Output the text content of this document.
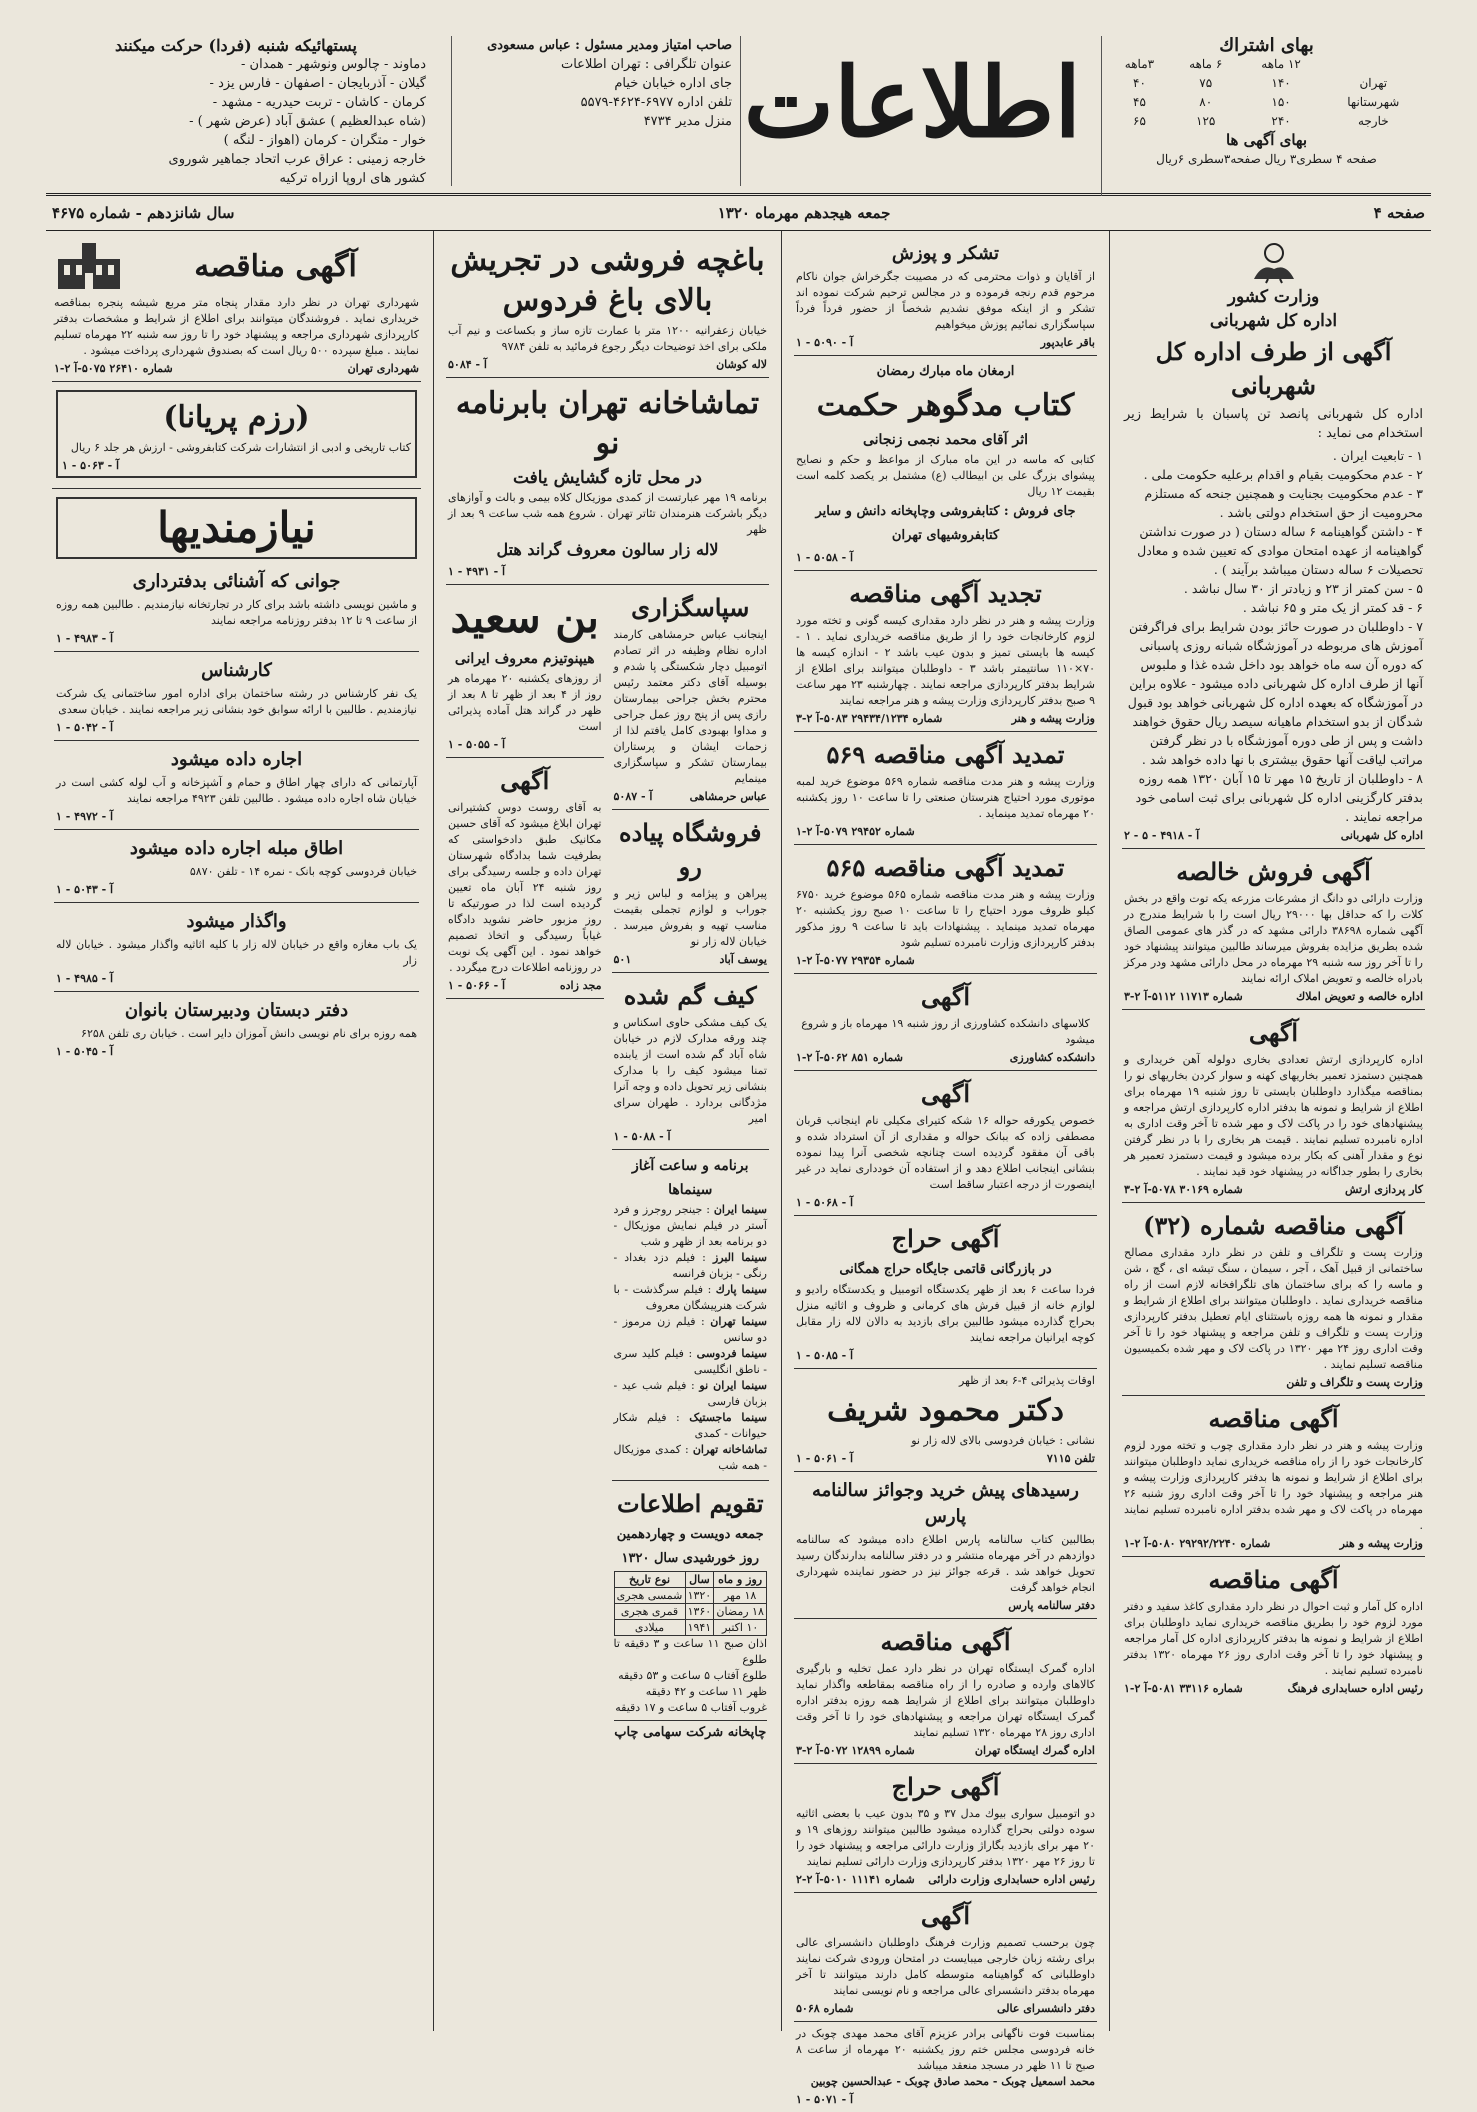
بهای اشتراك
	۱۲ ماهه	۶ ماهه	۳ماهه
تهران	۱۴۰	۷۵	۴۰
شهرستانها	۱۵۰	۸۰	۴۵
خارجه	۲۴۰	۱۲۵	۶۵
بهای آگهی ها
صفحه ۴ سطری۳ ریال صفحه۳سطری ۶ریال
اطلاعات
صاحب امتیاز ومدیر مسئول : عباس مسعودی
عنوان تلگرافی : تهران اطلاعات
جای اداره خیابان خیام
تلفن اداره ۶۹۷۷-۴۶۲۴-۵۵۷۹
منزل مدیر ۴۷۳۴
پستهائیکه شنبه (فردا) حرکت میکنند
دماوند - چالوس ونوشهر - همدان -
گیلان - آذربایجان - اصفهان - فارس یزد -
کرمان - کاشان - تربت حیدریه - مشهد -
(شاه عبدالعظیم ) عشق آباد (عرض شهر ) -
خوار - متگران - کرمان (اهواز - لنگه )
خارجه زمینی : عراق عرب اتحاد جماهیر شوروی
کشور های اروپا ازراه ترکیه
صفحه ۴
جمعه هیجدهم مهرماه ۱۳۲۰
سال شانزدهم - شماره ۴۶۷۵
وزارت کشور
اداره کل شهربانی
آگهی از طرف اداره کل شهربانی
اداره کل شهربانی پانصد تن پاسبان با شرایط زیر استخدام می نماید :
۱ - تابعیت ایران .
۲ - عدم محکومیت بقیام و اقدام برعلیه حکومت ملی .
۳ - عدم محکومیت بجنایت و همچنین جنحه که مستلزم محرومیت از حق استخدام دولتی باشد .
۴ - داشتن گواهینامه ۶ ساله دستان ( در صورت نداشتن گواهینامه از عهده امتحان موادی که تعیین شده و معادل تحصیلات ۶ ساله دستان میباشد برآیند ) .
۵ - سن کمتر از ۲۳ و زیادتر از ۳۰ سال نباشد .
۶ - قد کمتر از یک متر و ۶۵ نباشد .
۷ - داوطلبان در صورت حائز بودن شرایط برای فراگرفتن آموزش های مربوطه در آموزشگاه شبانه روزی پاسبانی که دوره آن سه ماه خواهد بود داخل شده غذا و ملبوس آنها از طرف اداره کل شهربانی داده میشود - علاوه براین در آموزشگاه که بعهده اداره کل شهربانی خواهد بود قبول شدگان از بدو استخدام ماهیانه سیصد ریال حقوق خواهند داشت و پس از طی دوره آموزشگاه با در نظر گرفتن مراتب لیاقت آنها حقوق بیشتری با نها داده خواهد شد .
۸ - داوطلبان از تاریخ ۱۵ مهر تا ۱۵ آبان ۱۳۲۰ همه روزه بدفتر کارگزینی اداره کل شهربانی برای ثبت اسامی خود مراجعه نمایند .
اداره کل شهربانی
آ - ۴۹۱۸ - ۵ - ۲
آگهی فروش خالصه
وزارت دارائی دو دانگ از مشرعات مزرعه یکه توت واقع در بخش کلات را که حداقل بها ۲۹۰۰۰ ریال است را با شرایط مندرج در آگهی شماره ۳۸۶۹۸ دارائی مشهد که در گذر های عمومی الصاق شده بطریق مزایده بفروش میرساند طالبین میتوانند پیشنهاد خود را تا آخر روز سه شنبه ۲۹ مهرماه در محل دارائی مشهد ودر مرکز بادراه خالصه و تعویض املاک ارائه نمایند
اداره خالصه و تعویض املاك
شماره ۱۱۷۱۳ ۵۱۱۲-آ ۲-۳
آگهی
اداره کارپردازی ارتش تعدادی بخاری دولوله آهن خریداری و همچنین دستمزد تعمیر بخاریهای کهنه و سوار کردن بخاریهای نو را بمناقصه میگذارد داوطلبان بایستی تا روز شنبه ۱۹ مهرماه برای اطلاع از شرایط و نمونه ها بدفتر اداره کارپردازی ارتش مراجعه و پیشنهادهای خود را در پاکت لاک و مهر شده تا آخر وقت اداری به اداره نامبرده تسلیم نمایند . قیمت هر بخاری را با در نظر گرفتن نوع و مقدار آهنی که بکار برده میشود و قیمت دستمزد تعمیر هر بخاری را بطور جداگانه در پیشنهاد خود قید نمایند .
کار پردازی ارتش
شماره ۳۰۱۶۹ ۵۰۷۸-آ ۲-۳
آگهی مناقصه شماره (۳۲)
وزارت پست و تلگراف و تلفن در نظر دارد مقداری مصالح ساختمانی از قبیل آهک ، آجر ، سیمان ، سنگ تیشه ای ، گچ ، شن و ماسه را که برای ساختمان های تلگرافخانه لازم است از راه مناقصه خریداری نماید . داوطلبان میتوانند برای اطلاع از شرایط و مقدار و نمونه ها همه روزه باستثنای ایام تعطیل بدفتر کارپردازی وزارت پست و تلگراف و تلفن مراجعه و پیشنهاد خود را تا آخر وقت اداری روز ۲۴ مهر ۱۳۲۰ در پاکت لاک و مهر شده بکمیسیون مناقصه تسلیم نمایند .
وزارت پست و تلگراف و تلفن
آگهی مناقصه
وزارت پیشه و هنر در نظر دارد مقداری چوب و تخته مورد لزوم کارخانجات خود را از راه مناقصه خریداری نماید داوطلبان میتوانند برای اطلاع از شرایط و نمونه ها بدفتر کارپردازی وزارت پیشه و هنر مراجعه و پیشنهاد خود را تا آخر وقت اداری روز شنبه ۲۶ مهرماه در پاکت لاک و مهر شده بدفتر اداره نامبرده تسلیم نمایند .
وزارت پیشه و هنر
شماره ۲۹۲۹۲/۲۲۴۰ ۵۰۸۰-آ ۲-۱
آگهی مناقصه
اداره کل آمار و ثبت احوال در نظر دارد مقداری کاغذ سفید و دفتر مورد لزوم خود را بطریق مناقصه خریداری نماید داوطلبان برای اطلاع از شرایط و نمونه ها بدفتر کارپردازی اداره کل آمار مراجعه و پیشنهاد خود را تا آخر وقت اداری روز ۲۶ مهرماه ۱۳۲۰ بدفتر نامبرده تسلیم نمایند .
رئیس اداره حسابداری فرهنگ
شماره ۳۳۱۱۶ ۵۰۸۱-آ ۲-۱
تشکر و پوزش
از آقایان و ذوات محترمی که در مصیبت جگرخراش جوان ناکام مرحوم قدم رنجه فرموده و در مجالس ترحیم شرکت نموده اند تشکر و از اینکه موفق نشدیم شخصاً از حضور فرداً فرداً سپاسگزاری نمائیم پوزش میخواهیم
باقر عابدپور
آ - ۵۰۹۰ - ۱
ارمغان ماه مبارك رمضان
کتاب مدگوهر حکمت
اثر آقای محمد نجمی زنجانی
کتابی که ماسه در این ماه مبارک از مواعظ و حکم و نصایح پیشوای بزرگ علی بن ابیطالب (ع) مشتمل بر یکصد کلمه است بقیمت ۱۲ ریال
جای فروش : کتابفروشی وچاپخانه دانش و سایر کتابفروشیهای تهران
آ - ۵۰۵۸ - ۱
تجدید آگهی مناقصه
وزارت پیشه و هنر در نظر دارد مقداری کیسه گونی و تخته مورد لزوم کارخانجات خود را از طریق مناقصه خریداری نماید . ۱ - کیسه ها بایستی تمیز و بدون عیب باشد ۲ - اندازه کیسه ها ۷۰×۱۱۰ سانتیمتر باشد ۳ - داوطلبان میتوانند برای اطلاع از شرایط بدفتر کارپردازی مراجعه نمایند . چهارشنبه ۲۳ مهر ساعت ۹ صبح بدفتر کارپردازی وزارت پیشه و هنر مراجعه نمایند
وزارت پیشه و هنر
شماره ۲۹۴۳۴/۱۲۳۴ ۵۰۸۳-آ ۲-۳
تمدید آگهی مناقصه ۵۶۹
وزارت پیشه و هنر مدت مناقصه شماره ۵۶۹ موضوع خرید لمبه موتوری مورد احتیاج هنرستان صنعتی را تا ساعت ۱۰ روز یکشنبه ۲۰ مهرماه تمدید مینماید .
شماره ۲۹۴۵۲ ۵۰۷۹-آ ۲-۱
تمدید آگهی مناقصه ۵۶۵
وزارت پیشه و هنر مدت مناقصه شماره ۵۶۵ موضوع خرید ۶۷۵۰ کیلو ظروف مورد احتیاج را تا ساعت ۱۰ صبح روز یکشنبه ۲۰ مهرماه تمدید مینماید . پیشنهادات باید تا ساعت ۹ روز مذکور بدفتر کارپردازی وزارت نامبرده تسلیم شود
شماره ۲۹۳۵۴ ۵۰۷۷-آ ۲-۱
آگهی
کلاسهای دانشکده کشاورزی از روز شنبه ۱۹ مهرماه باز و شروع میشود
دانشکده کشاورزی
شماره ۸۵۱ ۵۰۶۲-آ ۲-۱
آگهی
خصوص یکورقه حواله ۱۶ شکه کتیرای مکیلی نام اینجانب قربان مصطفی زاده که ببانک حواله و مقداری از آن استرداد شده و باقی آن مفقود گردیده است چنانچه شخصی آنرا پیدا نموده بنشانی اینجانب اطلاع دهد و از استفاده آن خودداری نماید در غیر اینصورت از درجه اعتبار ساقط است
آ - ۵۰۶۸ - ۱
آگهی حراج
در بازرگانی قاتمی جایگاه حراج همگانی
فردا ساعت ۶ بعد از ظهر یکدستگاه اتومبیل و یکدستگاه رادیو و لوازم خانه از قبیل فرش های کرمانی و ظروف و اثاثیه منزل بحراج گذارده میشود طالبین برای بازدید به دالان لاله زار مقابل کوچه ایرانیان مراجعه نمایند
آ - ۵۰۸۵ - ۱
اوقات پذیرائی ۴-۶ بعد از ظهر
دکتر محمود شریف
نشانی : خیابان فردوسی بالای لاله زار نو
تلفن ۷۱۱۵
آ - ۵۰۶۱ - ۱
رسیدهای پیش خرید وجوائز سالنامه پارس
بطالبین کتاب سالنامه پارس اطلاع داده میشود که سالنامه دوازدهم در آخر مهرماه منتشر و در دفتر سالنامه بدارندگان رسید تحویل خواهد شد . قرعه جوائز نیز در حضور نماینده شهرداری انجام خواهد گرفت
دفتر سالنامه پارس
آگهی مناقصه
اداره گمرک ایستگاه تهران در نظر دارد عمل تخلیه و بارگیری کالاهای وارده و صادره را از راه مناقصه بمقاطعه واگذار نماید داوطلبان میتوانند برای اطلاع از شرایط همه روزه بدفتر اداره گمرک ایستگاه تهران مراجعه و پیشنهادهای خود را تا آخر وقت اداری روز ۲۸ مهرماه ۱۳۲۰ تسلیم نمایند
اداره گمرك ایستگاه تهران
شماره ۱۲۸۹۹ ۵۰۷۲-آ ۲-۳
آگهی حراج
دو اتومبیل سواری بیوك مدل ۳۷ و ۳۵ بدون عیب با بعضی اثاثیه سوده دولتی بحراج گذارده میشود طالبین میتوانند روزهای ۱۹ و ۲۰ مهر برای بازدید بگاراژ وزارت دارائی مراجعه و پیشنهاد خود را تا روز ۲۶ مهر ۱۳۲۰ بدفتر کارپردازی وزارت دارائی تسلیم نمایند
رئیس اداره حسابداری وزارت دارائی
شماره ۱۱۱۴۱ ۵۰۱۰-آ ۲-۲
آگهی
چون برحسب تصمیم وزارت فرهنگ داوطلبان دانشسرای عالی برای رشته زبان خارجی میبایست در امتحان ورودی شرکت نمایند داوطلبانی که گواهینامه متوسطه کامل دارند میتوانند تا آخر مهرماه بدفتر دانشسرای عالی مراجعه و نام نویسی نمایند
دفتر دانشسرای عالی
شماره ۵۰۶۸
بمناسبت فوت ناگهانی برادر عزیزم آقای محمد مهدی چوبک در خانه فردوسی مجلس ختم روز یکشنبه ۲۰ مهرماه از ساعت ۸ صبح تا ۱۱ ظهر در مسجد منعقد میباشد
محمد اسمعیل چوبک - محمد صادق چوبک - عبدالحسین چوبین
آ - ۵۰۷۱ - ۱
باغچه فروشی در تجریش بالای باغ فردوس
خیابان زعفرانیه ۱۲۰۰ متر با عمارت تازه ساز و بکساعت و نیم آب ملکی برای اخذ توضیحات دیگر رجوع فرمائید به تلفن ۹۷۸۴
لاله کوشان
آ - ۵۰۸۴
تماشاخانه تهران بابرنامه نو
در محل تازه گشایش یافت
برنامه ۱۹ مهر عبارتست از کمدی موزیکال کلاه بیمی و بالت و آوازهای دیگر باشرکت هنرمندان تئاتر تهران . شروع همه شب ساعت ۹ بعد از ظهر
لاله زار سالون معروف گراند هتل
آ - ۴۹۳۱ - ۱
سپاسگزاری
اینجانب عباس حرمشاهی کارمند اداره نظام وظیفه در اثر تصادم اتومبیل دچار شکستگی پا شدم و بوسیله آقای دکتر معتمد رئیس محترم بخش جراحی بیمارستان رازی پس از پنج روز عمل جراحی و مداوا بهبودی کامل یافتم لذا از زحمات ایشان و پرستاران بیمارستان تشکر و سپاسگزاری مینمایم
عباس حرمشاهی
آ - ۵۰۸۷
فروشگاه پیاده رو
پیراهن و پیژامه و لباس زیر و جوراب و لوازم تجملی بقیمت مناسب تهیه و بفروش میرسد . خیابان لاله زار نو
یوسف آباد
۵۰۱
کیف گم شده
یک کیف مشکی حاوی اسکناس و چند ورقه مدارک لازم در خیابان شاه آباد گم شده است از یابنده تمنا میشود کیف را با مدارک بنشانی زیر تحویل داده و وجه آنرا مژدگانی بردارد . طهران سرای امیر
آ - ۵۰۸۸ - ۱
برنامه و ساعت آغاز سینماها
سینما ایران : جینجر روجرز و فرد آستر در فیلم نمایش موزیکال - دو برنامه بعد از ظهر و شب
سینما البرز : فیلم دزد بغداد - رنگی - بزبان فرانسه
سینما پارك : فیلم سرگذشت - با شرکت هنرپیشگان معروف
سینما تهران : فیلم زن مرموز - دو سانس
سینما فردوسی : فیلم کلید سری - ناطق انگلیسی
سینما ایران نو : فیلم شب عید - بزبان فارسی
سینما ماجستیک : فیلم شکار حیوانات - کمدی
تماشاخانه تهران : کمدی موزیکال - همه شب
تقویم اطلاعات
جمعه دویست و چهاردهمین روز خورشیدی سال ۱۳۲۰
روز و ماه	سال	نوع تاریخ
۱۸ مهر	۱۳۲۰	شمسی هجری
۱۸ رمضان	۱۳۶۰	قمری هجری
۱۰ اکتبر	۱۹۴۱	میلادی
اذان صبح ۱۱ ساعت و ۳ دقیقه تا طلوع
طلوع آفتاب ۵ ساعت و ۵۳ دقیقه
ظهر ۱۱ ساعت و ۴۲ دقیقه
غروب آفتاب ۵ ساعت و ۱۷ دقیقه
چاپخانه شرکت سهامی چاپ
بن سعید
هیپنوتیزم معروف ایرانی
از روزهای یکشنبه ۲۰ مهرماه هر روز از ۴ بعد از ظهر تا ۸ بعد از ظهر در گراند هتل آماده پذیرائی است
آ - ۵۰۵۵ - ۱
آگهی
به آقای روست دوس کشتیرانی تهران ابلاغ میشود که آقای حسین مکانیک طبق دادخواستی که بطرفیت شما بدادگاه شهرستان تهران داده و جلسه رسیدگی برای روز شنبه ۲۴ آبان ماه تعیین گردیده است لذا در صورتیکه تا روز مزبور حاضر نشوید دادگاه غیاباً رسیدگی و اتخاذ تصمیم خواهد نمود . این آگهی یک نوبت در روزنامه اطلاعات درج میگردد .
مجد زاده
آ - ۵۰۶۶ - ۱
آگهی مناقصه
شهرداری تهران در نظر دارد مقدار پنجاه متر مربع شیشه پنجره بمناقصه خریداری نماید . فروشندگان میتوانند برای اطلاع از شرایط و مشخصات بدفتر کارپردازی شهرداری مراجعه و پیشنهاد خود را تا روز سه شنبه ۲۲ مهرماه تسلیم نمایند . مبلغ سپرده ۵۰۰ ریال است که بصندوق شهرداری پرداخت میشود .
شهرداری تهران
شماره ۲۶۴۱۰ ۵۰۷۵-آ ۲-۱
(رزم پریانا)
کتاب تاریخی و ادبی از انتشارات شرکت کتابفروشی - ارزش هر جلد ۶ ریال
آ - ۵۰۶۳ - ۱
نیازمندیها
جوانی که آشنائی بدفترداری
و ماشین نویسی داشته باشد برای کار در تجارتخانه نیازمندیم . طالبین همه روزه از ساعت ۹ تا ۱۲ بدفتر روزنامه مراجعه نمایند
آ - ۴۹۸۳ - ۱
کارشناس
یک نفر کارشناس در رشته ساختمان برای اداره امور ساختمانی یک شرکت نیازمندیم . طالبین با ارائه سوابق خود بنشانی زیر مراجعه نمایند . خیابان سعدی
آ - ۵۰۴۲ - ۱
اجاره داده میشود
آپارتمانی که دارای چهار اطاق و حمام و آشپزخانه و آب لوله کشی است در خیابان شاه اجاره داده میشود . طالبین تلفن ۴۹۲۳ مراجعه نمایند
آ - ۴۹۷۲ - ۱
اطاق مبله اجاره داده میشود
خیابان فردوسی کوچه بانک - نمره ۱۴ - تلفن ۵۸۷۰
آ - ۵۰۴۳ - ۱
واگذار میشود
یک باب مغازه واقع در خیابان لاله زار با کلیه اثاثیه واگذار میشود . خیابان لاله زار
آ - ۴۹۸۵ - ۱
دفتر دبستان ودبیرستان بانوان
همه روزه برای نام نویسی دانش آموزان دایر است . خیابان ری تلفن ۶۲۵۸
آ - ۵۰۴۵ - ۱
